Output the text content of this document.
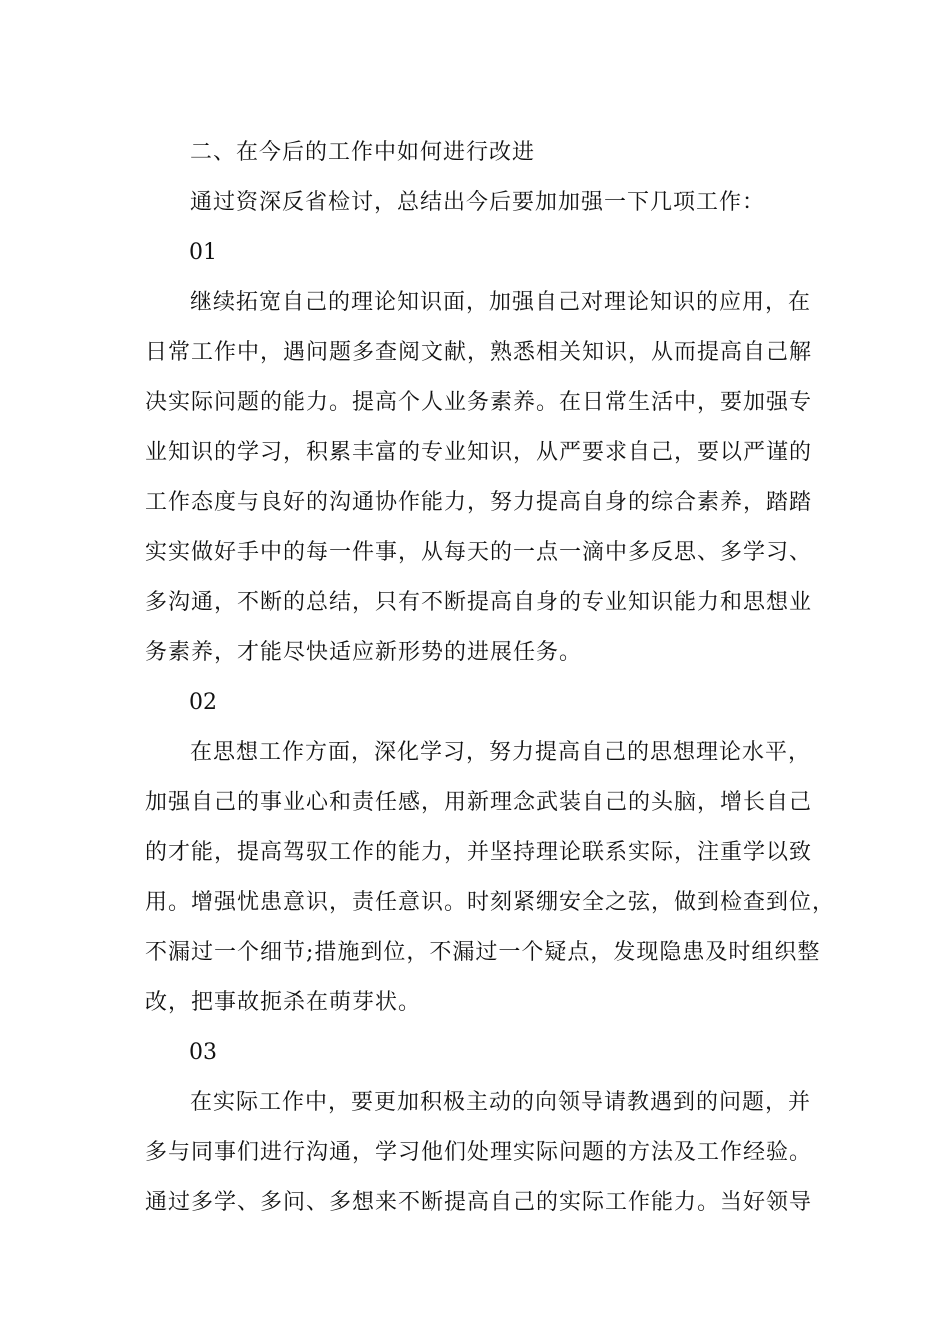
二、在今后的工作中如何进行改进
通过资深反省检讨，总结出今后要加加强一下几项工作：
01
继续拓宽自己的理论知识面，加强自己对理论知识的应用，在
日常工作中，遇问题多查阅文献，熟悉相关知识，从而提高自己解
决实际问题的能力。提高个人业务素养。在日常生活中，要加强专
业知识的学习，积累丰富的专业知识，从严要求自己，要以严谨的
工作态度与良好的沟通协作能力，努力提高自身的综合素养，踏踏
实实做好手中的每一件事，从每天的一点一滴中多反思、多学习、
多沟通，不断的总结，只有不断提高自身的专业知识能力和思想业
务素养，才能尽快适应新形势的进展任务。
02
在思想工作方面，深化学习，努力提高自己的思想理论水平，
加强自己的事业心和责任感，用新理念武装自己的头脑，增长自己
的才能，提高驾驭工作的能力，并坚持理论联系实际，注重学以致
用。增强忧患意识，责任意识。时刻紧绷安全之弦，做到检查到位，
不漏过一个细节;措施到位，不漏过一个疑点，发现隐患及时组织整
改，把事故扼杀在萌芽状。
03
在实际工作中，要更加积极主动的向领导请教遇到的问题，并
多与同事们进行沟通，学习他们处理实际问题的方法及工作经验。
通过多学、多问、多想来不断提高自己的实际工作能力。当好领导
